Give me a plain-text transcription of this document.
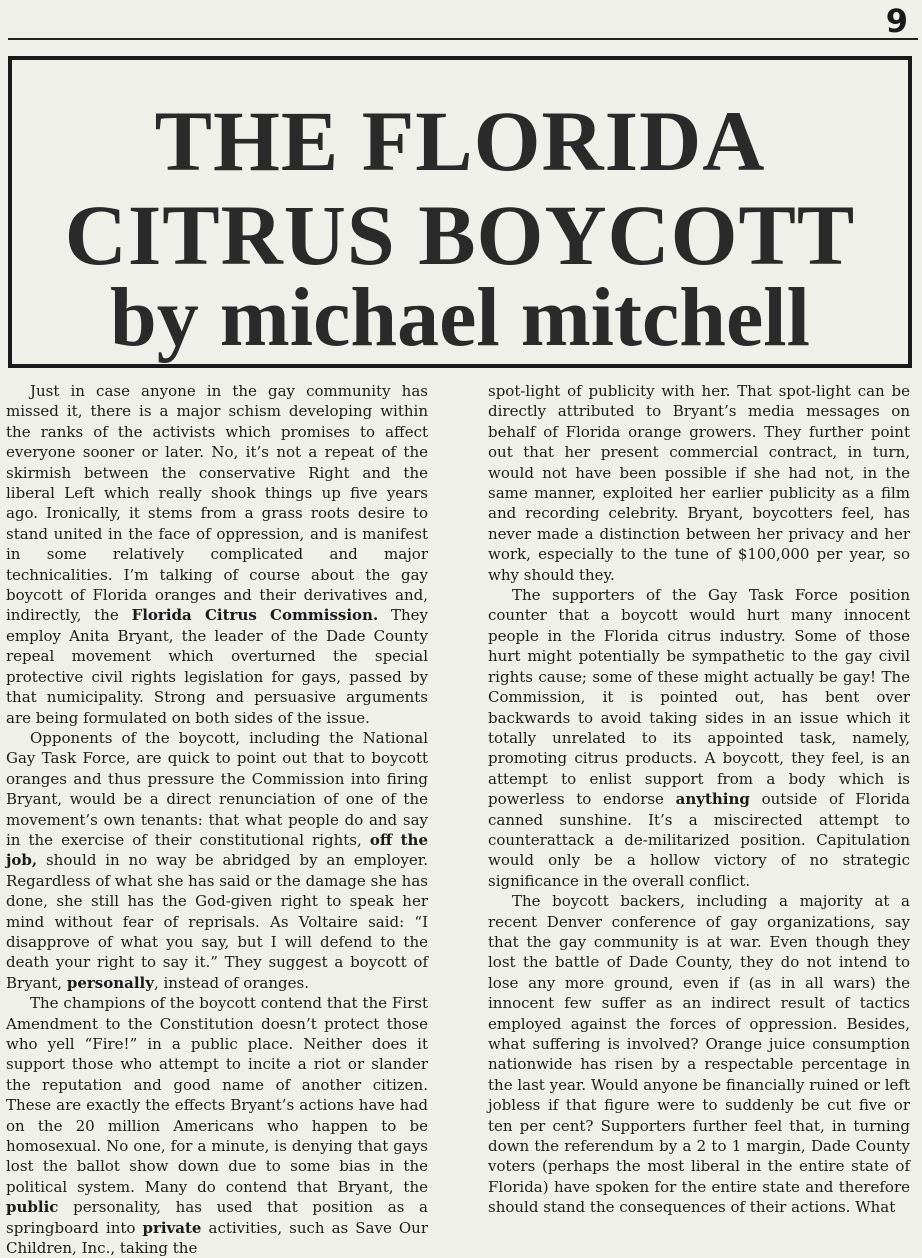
9
THE FLORIDA
CITRUS BOYCOTT
by michael mitchell

Just in case anyone in the gay community has missed it, there is a major schism developing within the ranks of the activists which promises to affect everyone sooner or later. No, it’s not a repeat of the skirmish between the conservative Right and the liberal Left which really shook things up five years ago. Ironically, it stems from a grass roots desire to stand united in the face of oppression, and is manifest in some relatively complicated and major technicalities. I’m talking of course about the gay boycott of Florida oranges and their derivatives and, indirectly, the Florida Citrus Commission. They employ Anita Bryant, the leader of the Dade County repeal movement which overturned the special protective civil rights legislation for gays, passed by that numicipality. Strong and persuasive arguments are being formulated on both sides of the issue.

Opponents of the boycott, including the National Gay Task Force, are quick to point out that to boycott oranges and thus pressure the Commission into firing Bryant, would be a direct renunciation of one of the movement’s own tenants: that what people do and say in the exercise of their constitutional rights, off the job, should in no way be abridged by an employer. Regardless of what she has said or the damage she has done, she still has the God-given right to speak her mind without fear of reprisals. As Voltaire said: “I disapprove of what you say, but I will defend to the death your right to say it.” They suggest a boycott of Bryant, personally, instead of oranges.

The champions of the boycott contend that the First Amendment to the Constitution doesn’t protect those who yell “Fire!” in a public place. Neither does it support those who attempt to incite a riot or slander the reputation and good name of another citizen. These are exactly the effects Bryant’s actions have had on the 20 million Americans who happen to be homosexual. No one, for a minute, is denying that gays lost the ballot show down due to some bias in the political system. Many do contend that Bryant, the public personality, has used that position as a springboard into private activities, such as Save Our Children, Inc., taking the

spot-light of publicity with her. That spot-light can be directly attributed to Bryant’s media messages on behalf of Florida orange growers. They further point out that her present commercial contract, in turn, would not have been possible if she had not, in the same manner, exploited her earlier publicity as a film and recording celebrity. Bryant, boycotters feel, has never made a distinction between her privacy and her work, especially to the tune of $100,000 per year, so why should they.

The supporters of the Gay Task Force position counter that a boycott would hurt many innocent people in the Florida citrus industry. Some of those hurt might potentially be sympathetic to the gay civil rights cause; some of these might actually be gay! The Commission, it is pointed out, has bent over backwards to avoid taking sides in an issue which it totally unrelated to its appointed task, namely, promoting citrus products. A boycott, they feel, is an attempt to enlist support from a body which is powerless to endorse anything outside of Florida canned sunshine. It’s a miscirected attempt to counterattack a de-militarized position. Capitulation would only be a hollow victory of no strategic significance in the overall conflict.

The boycott backers, including a majority at a recent Denver conference of gay organizations, say that the gay community is at war. Even though they lost the battle of Dade County, they do not intend to lose any more ground, even if (as in all wars) the innocent few suffer as an indirect result of tactics employed against the forces of oppression. Besides, what suffering is involved? Orange juice consumption nationwide has risen by a respectable percentage in the last year. Would anyone be financially ruined or left jobless if that figure were to suddenly be cut five or ten per cent? Supporters further feel that, in turning down the referendum by a 2 to 1 margin, Dade County voters (perhaps the most liberal in the entire state of Florida) have spoken for the entire state and therefore should stand the consequences of their actions. What
